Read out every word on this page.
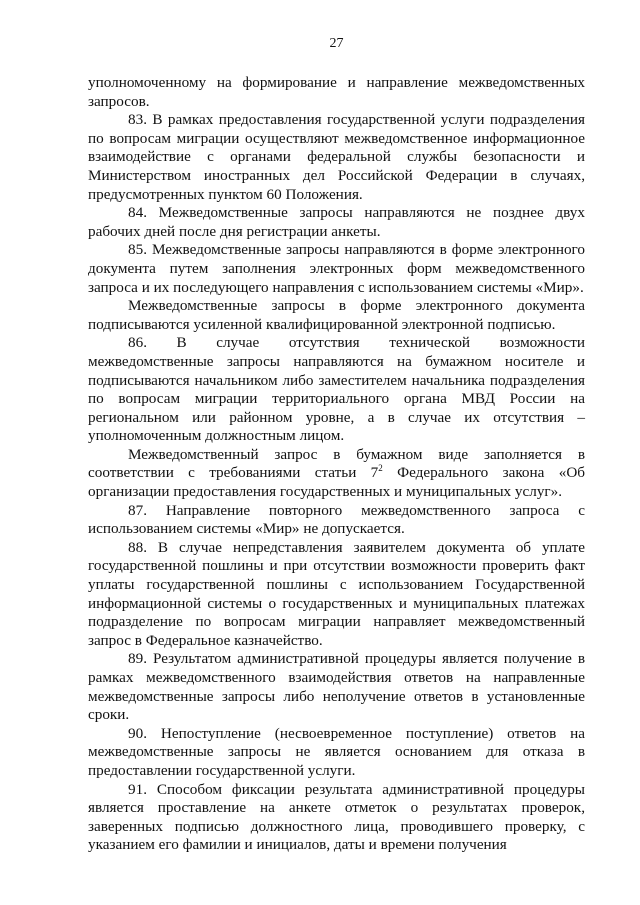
27

уполномоченному на формирование и направление межведомственных запросов.

83. В рамках предоставления государственной услуги подразделения по вопросам миграции осуществляют межведомственное информационное взаимодействие с органами федеральной службы безопасности и Министерством иностранных дел Российской Федерации в случаях, предусмотренных пунктом 60 Положения.

84. Межведомственные запросы направляются не позднее двух рабочих дней после дня регистрации анкеты.

85. Межведомственные запросы направляются в форме электронного документа путем заполнения электронных форм межведомственного запроса и их последующего направления с использованием системы «Мир».

Межведомственные запросы в форме электронного документа подписываются усиленной квалифицированной электронной подписью.

86. В случае отсутствия технической возможности межведомственные запросы направляются на бумажном носителе и подписываются начальником либо заместителем начальника подразделения по вопросам миграции территориального органа МВД России на региональном или районном уровне, а в случае их отсутствия – уполномоченным должностным лицом.

Межведомственный запрос в бумажном виде заполняется в соответствии с требованиями статьи $7^2$ Федерального закона «Об организации предоставления государственных и муниципальных услуг».

87. Направление повторного межведомственного запроса с использованием системы «Мир» не допускается.

88. В случае непредставления заявителем документа об уплате государственной пошлины и при отсутствии возможности проверить факт уплаты государственной пошлины с использованием Государственной информационной системы о государственных и муниципальных платежах подразделение по вопросам миграции направляет межведомственный запрос в Федеральное казначейство.

89. Результатом административной процедуры является получение в рамках межведомственного взаимодействия ответов на направленные межведомственные запросы либо неполучение ответов в установленные сроки.

90. Непоступление (несвоевременное поступление) ответов на межведомственные запросы не является основанием для отказа в предоставлении государственной услуги.

91. Способом фиксации результата административной процедуры является проставление на анкете отметок о результатах проверок, заверенных подписью должностного лица, проводившего проверку, с указанием его фамилии и инициалов, даты и времени получения
